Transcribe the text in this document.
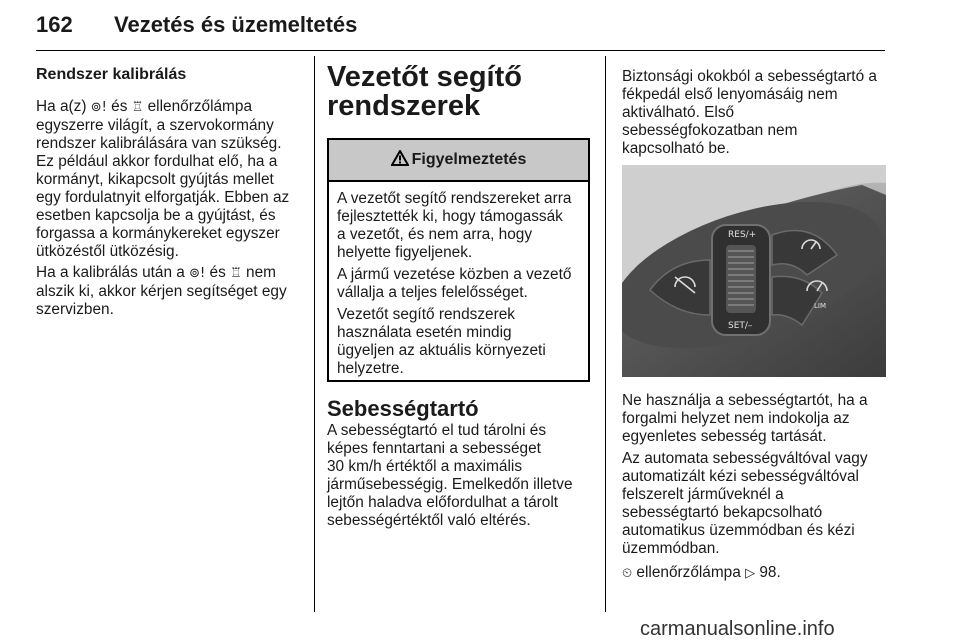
162 Vezetés és üzemeltetés
Rendszer kalibrálás
Ha a(z) ⊚! és ♖ ellenőrzőlámpa
egyszerre világít, a szervokormány
rendszer kalibrálására van szükség.
Ez például akkor fordulhat elő, ha a
kormányt, kikapcsolt gyújtás mellet
egy fordulatnyit elforgatják. Ebben az
esetben kapcsolja be a gyújtást, és
forgassa a kormánykereket egyszer
ütközéstől ütközésig.
Ha a kalibrálás után a ⊚! és ♖ nem
alszik ki, akkor kérjen segítséget egy
szervizben.
Vezetőt segítő
rendszerek
Figyelmeztetés
A vezetőt segítő rendszereket arra
fejlesztették ki, hogy támogassák
a vezetőt, és nem arra, hogy
helyette figyeljenek.
A jármű vezetése közben a vezető
vállalja a teljes felelősséget.
Vezetőt segítő rendszerek
használata esetén mindig
ügyeljen az aktuális környezeti
helyzetre.
Sebességtartó
A sebességtartó el tud tárolni és
képes fenntartani a sebességet
30 km/h értéktől a maximális
járműsebességig. Emelkedőn illetve
lejtőn haladva előfordulhat a tárolt
sebességértéktől való eltérés.
Biztonsági okokból a sebességtartó a
fékpedál első lenyomásáig nem
aktiválható. Első
sebességfokozatban nem
kapcsolható be.
RES/+
SET/–
LIM
Ne használja a sebességtartót, ha a
forgalmi helyzet nem indokolja az
egyenletes sebesség tartását.
Az automata sebességváltóval vagy
automatizált kézi sebességváltóval
felszerelt járműveknél a
sebességtartó bekapcsolható
automatikus üzemmódban és kézi
üzemmódban.
⏲ ellenőrzőlámpa ▷ 98.
carmanualsonline.info
